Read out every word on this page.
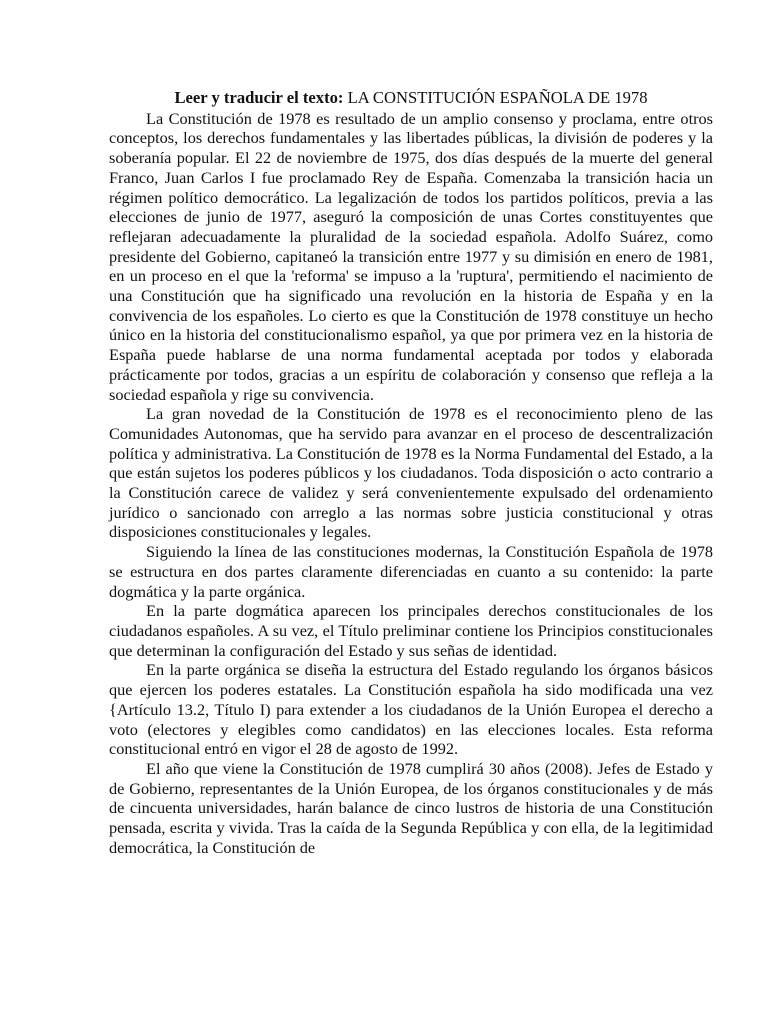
Leer y traducir el texto: LA CONSTITUCIÓN ESPAÑOLA DE 1978

La Constitución de 1978 es resultado de un amplio consenso y proclama, entre otros conceptos, los derechos fundamentales y las libertades públicas, la división de poderes y la soberanía popular. El 22 de noviembre de 1975, dos días después de la muerte del general Franco, Juan Carlos I fue proclamado Rey de España. Comenzaba la transición hacia un régimen político democrático. La legalización de todos los partidos políticos, previa a las elecciones de junio de 1977, aseguró la composición de unas Cortes constituyentes que reflejaran adecuadamente la pluralidad de la sociedad española. Adolfo Suárez, como presidente del Gobierno, capitaneó la transición entre 1977 y su dimisión en enero de 1981, en un proceso en el que la 'reforma' se impuso a la 'ruptura', permitiendo el nacimiento de una Constitución que ha significado una revolución en la historia de España y en la convivencia de los españoles. Lo cierto es que la Constitución de 1978 constituye un hecho único en la historia del constitucionalismo español, ya que por primera vez en la historia de España puede hablarse de una norma fundamental aceptada por todos y elaborada prácticamente por todos, gracias a un espíritu de colaboración y consenso que refleja a la sociedad española y rige su convivencia.

La gran novedad de la Constitución de 1978 es el reconocimiento pleno de las Comunidades Autonomas, que ha servido para avanzar en el proceso de descentralización política y administrativa. La Constitución de 1978 es la Norma Fundamental del Estado, a la que están sujetos los poderes públicos y los ciudadanos. Toda disposición o acto contrario a la Constitución carece de validez y será convenientemente expulsado del ordenamiento jurídico o sancionado con arreglo a las normas sobre justicia constitucional y otras disposiciones constitucionales y legales.

Siguiendo la línea de las constituciones modernas, la Constitución Española de 1978 se estructura en dos partes claramente diferenciadas en cuanto a su contenido: la parte dogmática y la parte orgánica.

En la parte dogmática aparecen los principales derechos constitucionales de los ciudadanos españoles. A su vez, el Título preliminar contiene los Principios constitucionales que determinan la configuración del Estado y sus señas de identidad.

En la parte orgánica se diseña la estructura del Estado regulando los órganos básicos que ejercen los poderes estatales. La Constitución española ha sido modificada una vez {Artículo 13.2, Título I) para extender a los ciudadanos de la Unión Europea el derecho a voto (electores y elegibles como candidatos) en las elecciones locales. Esta reforma constitucional entró en vigor el 28 de agosto de 1992.

El año que viene la Constitución de 1978 cumplirá 30 años (2008). Jefes de Estado y de Gobierno, representantes de la Unión Europea, de los órganos constitucionales y de más de cincuenta universidades, harán balance de cinco lustros de historia de una Constitución pensada, escrita y vivida. Tras la caída de la Segunda República y con ella, de la legitimidad democrática, la Constitución de
